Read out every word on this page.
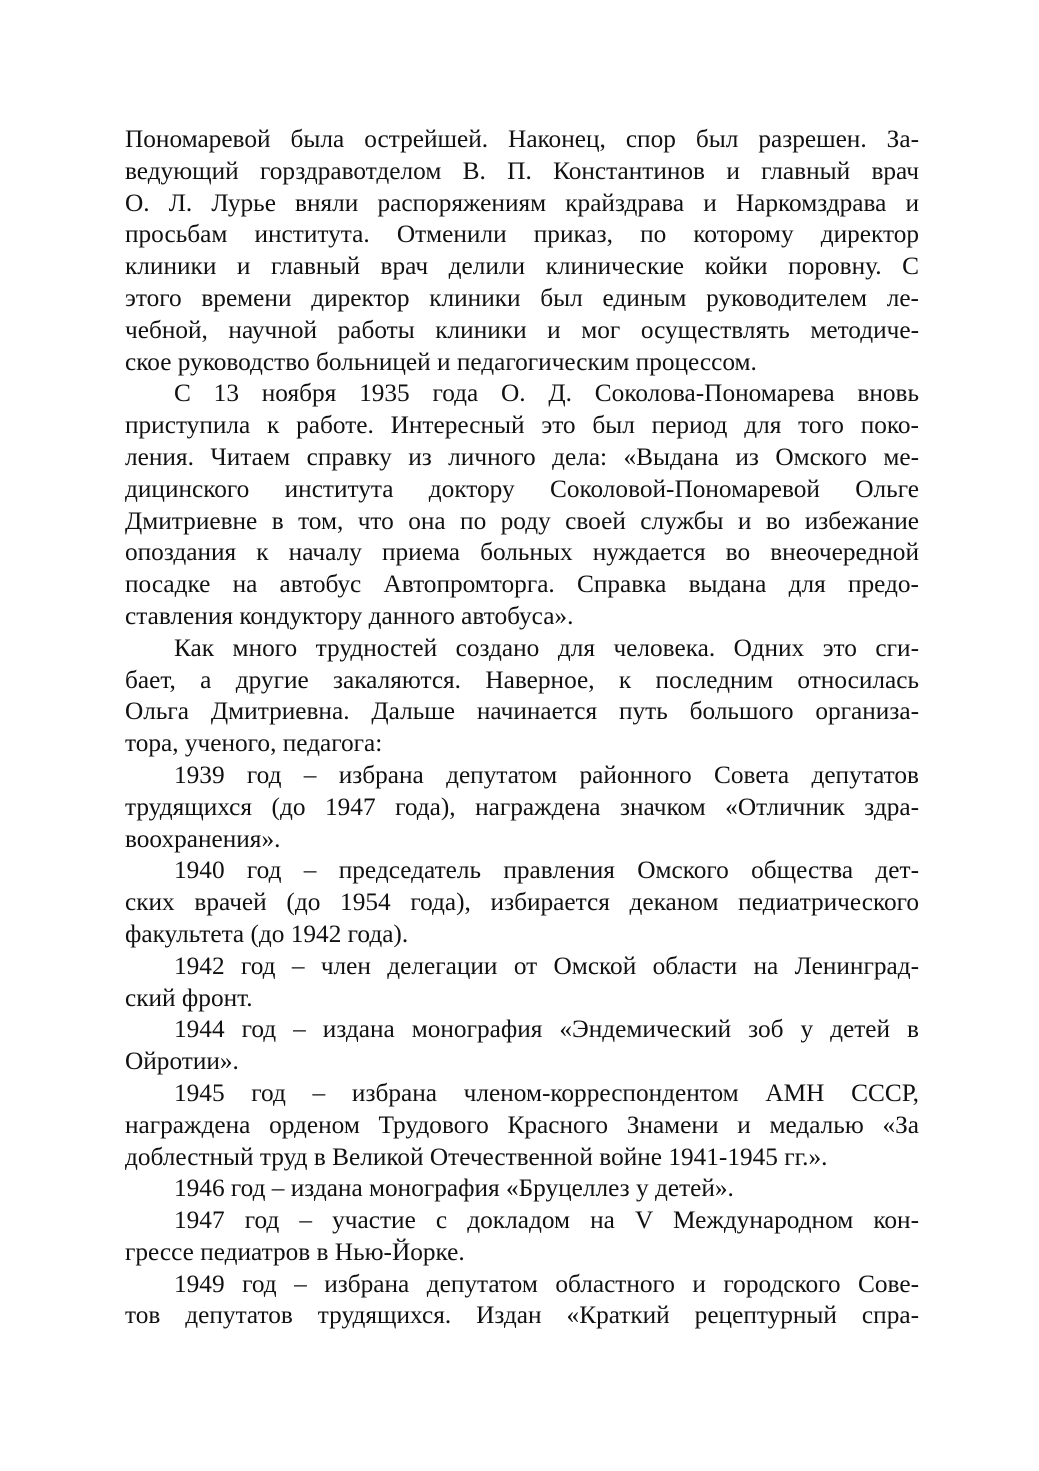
Пономаревой была острейшей. Наконец, спор был разрешен. За-
ведующий горздравотделом В. П. Константинов и главный врач
О. Л. Лурье вняли распоряжениям крайздрава и Наркомздрава и
просьбам института. Отменили приказ, по которому директор
клиники и главный врач делили клинические койки поровну. С
этого времени директор клиники был единым руководителем ле-
чебной, научной работы клиники и мог осуществлять методиче-
ское руководство больницей и педагогическим процессом.

С 13 ноября 1935 года О. Д. Соколова-Пономарева вновь
приступила к работе. Интересный это был период для того поко-
ления. Читаем справку из личного дела: «Выдана из Омского ме-
дицинского института доктору Соколовой-Пономаревой Ольге
Дмитриевне в том, что она по роду своей службы и во избежание
опоздания к началу приема больных нуждается во внеочередной
посадке на автобус Автопромторга. Справка выдана для предо-
ставления кондуктору данного автобуса».

Как много трудностей создано для человека. Одних это сги-
бает, а другие закаляются. Наверное, к последним относилась
Ольга Дмитриевна. Дальше начинается путь большого организа-
тора, ученого, педагога:

1939 год – избрана депутатом районного Совета депутатов
трудящихся (до 1947 года), награждена значком «Отличник здра-
воохранения».

1940 год – председатель правления Омского общества дет-
ских врачей (до 1954 года), избирается деканом педиатрического
факультета (до 1942 года).

1942 год – член делегации от Омской области на Ленинград-
ский фронт.

1944 год – издана монография «Эндемический зоб у детей в
Ойротии».

1945 год – избрана членом-корреспондентом АМН СССР,
награждена орденом Трудового Красного Знамени и медалью «За
доблестный труд в Великой Отечественной войне 1941-1945 гг.».

1946 год – издана монография «Бруцеллез у детей».

1947 год – участие с докладом на V Международном кон-
грессе педиатров в Нью-Йорке.

1949 год – избрана депутатом областного и городского Сове-
тов депутатов трудящихся. Издан «Краткий рецептурный спра-
